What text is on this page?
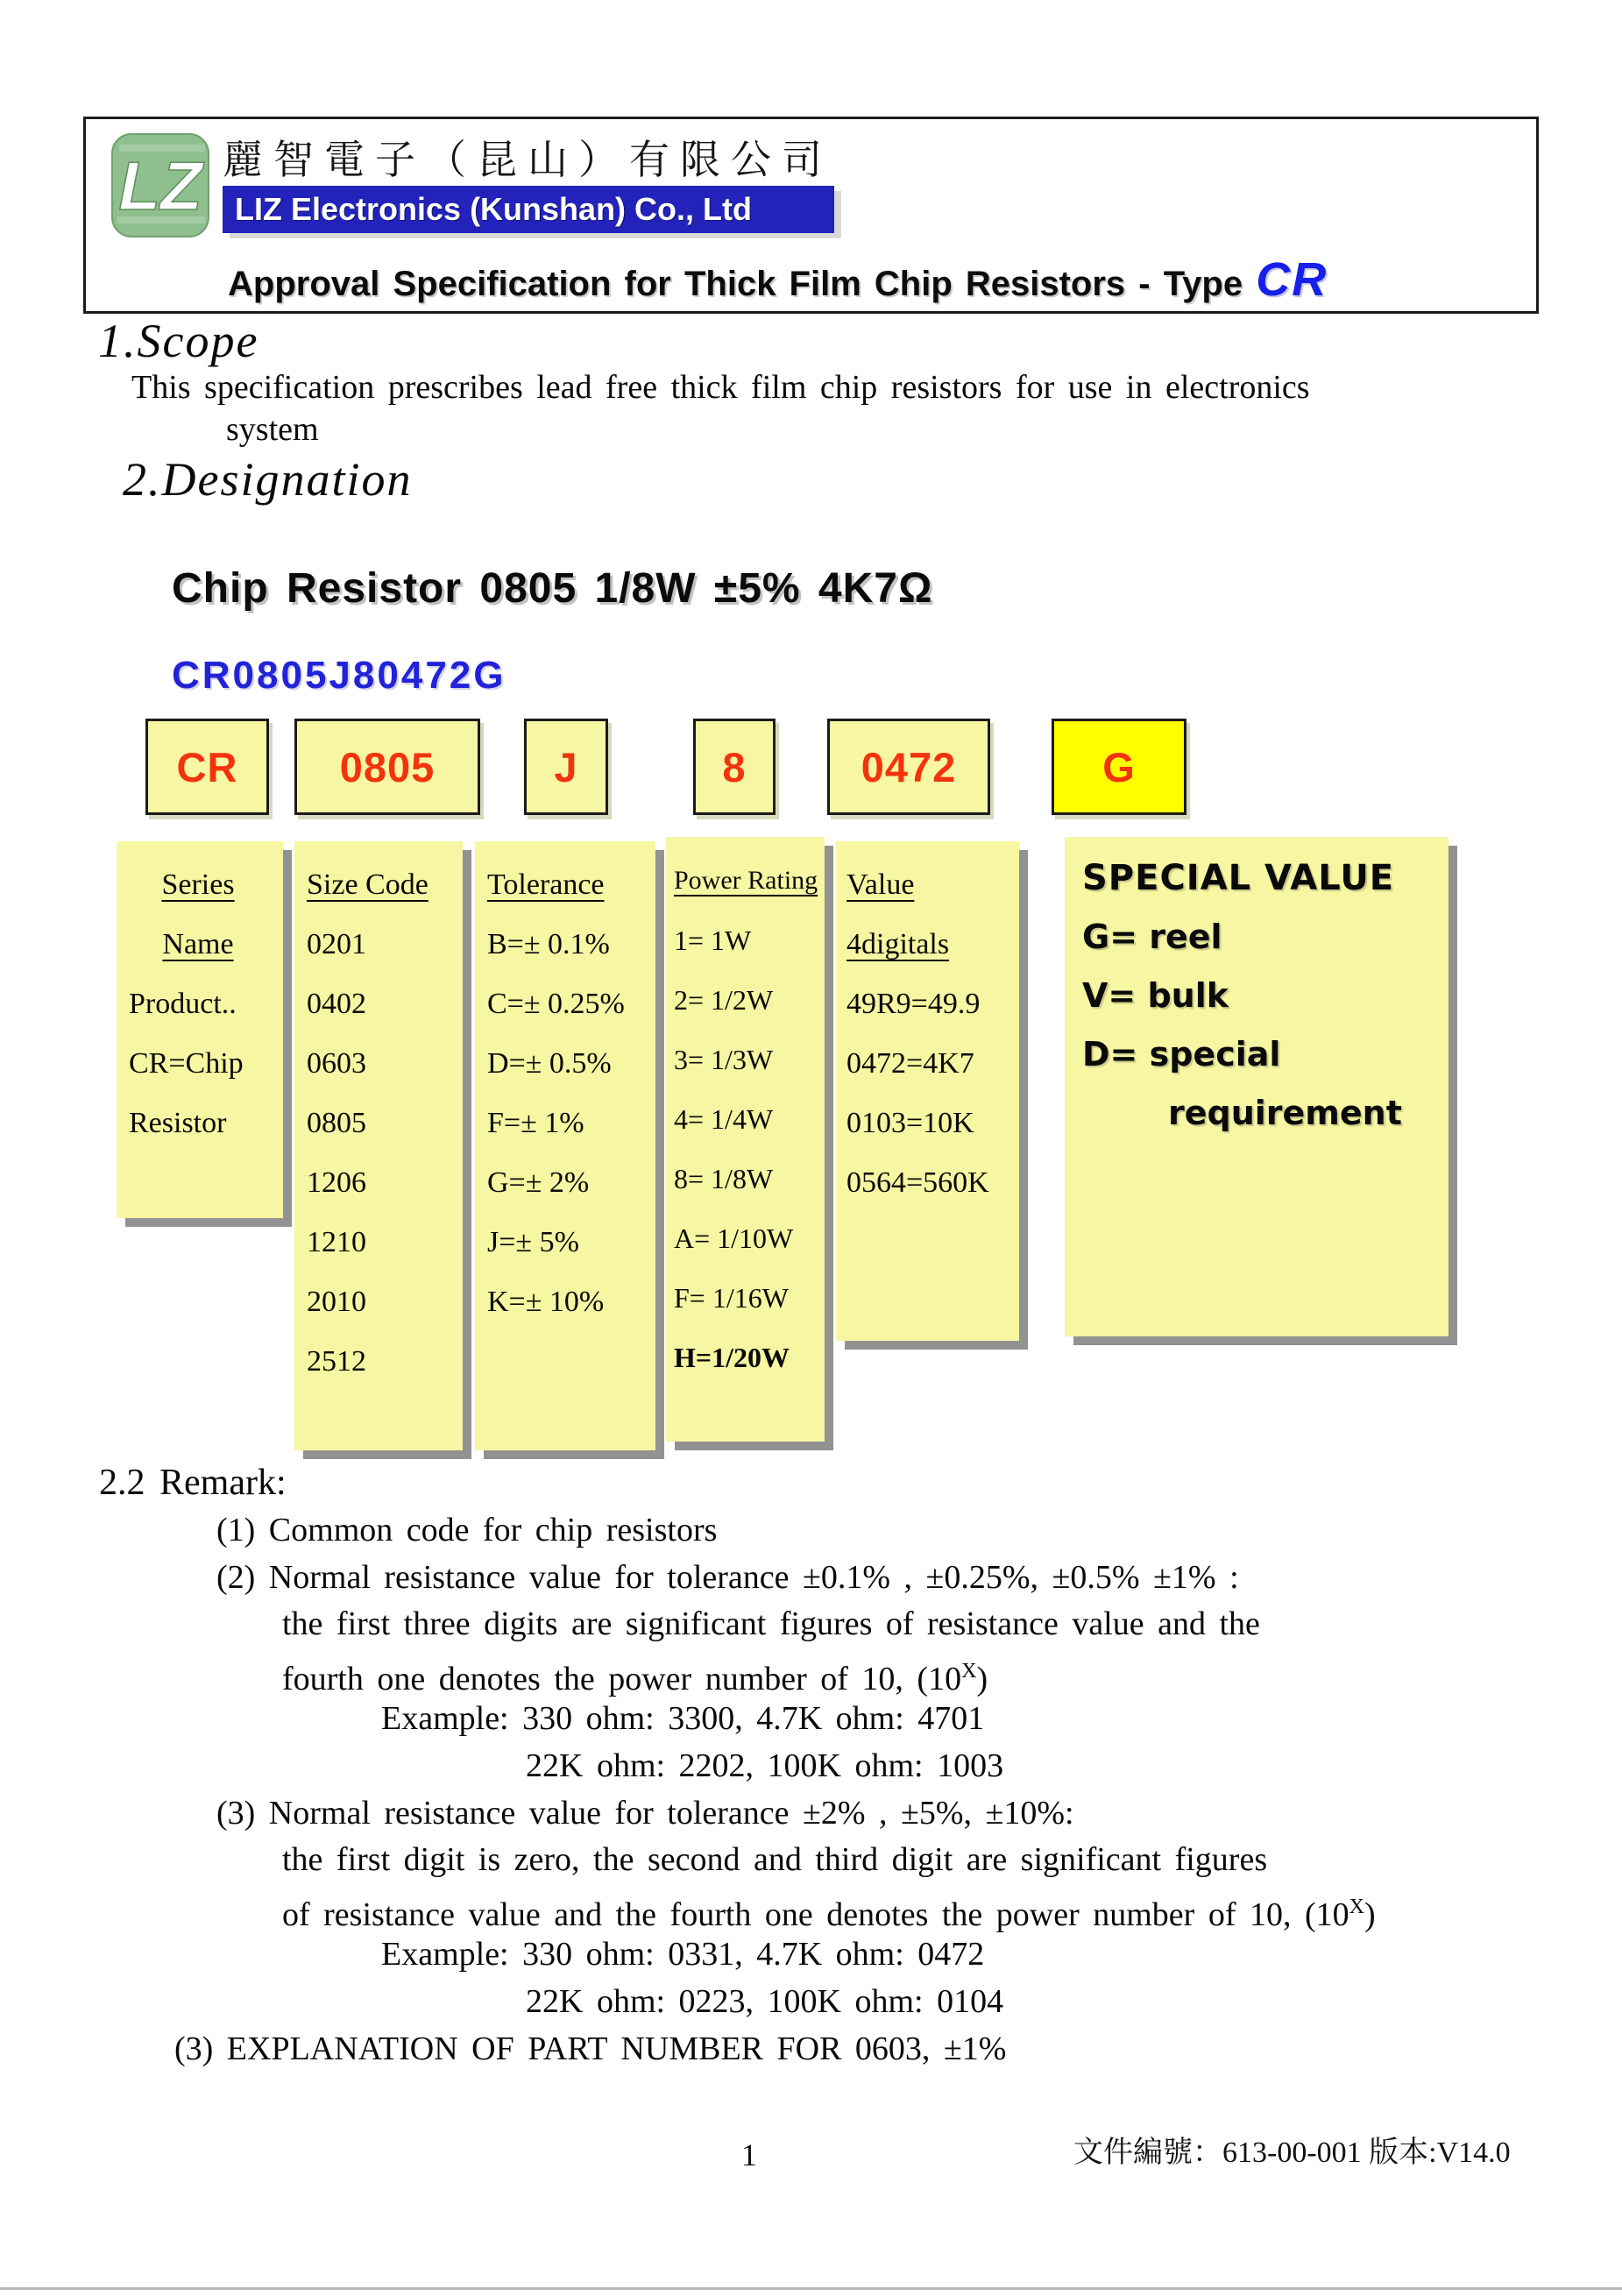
LZ 麗智電子（昆山）有限公司
LIZ Electronics (Kunshan) Co., Ltd
Approval Specification for Thick Film Chip Resistors - Type CR
1.Scope
This specification prescribes lead free thick film chip resistors for use in electronics
system
2.Designation
Chip Resistor 0805 1/8W ±5% 4K7Ω
CR0805J80472G
CR	0805	J	8	0472	G
Series
Name
Product..
CR=Chip
Resistor
Size Code
0201
0402
0603
0805
1206
1210
2010
2512
Tolerance
B=± 0.1%
C=± 0.25%
D=± 0.5%
F=± 1%
G=± 2%
J=± 5%
K=± 10%
Power Rating
1= 1W
2= 1/2W
3= 1/3W
4= 1/4W
8= 1/8W
A= 1/10W
F= 1/16W
H=1/20W
Value
4digitals
49R9=49.9
0472=4K7
0103=10K
0564=560K
SPECIAL VALUE
G= reel
V= bulk
D= special
requirement
2.2 Remark:
(1) Common code for chip resistors
(2) Normal resistance value for tolerance ±0.1% , ±0.25%, ±0.5% ±1% :
the first three digits are significant figures of resistance value and the
fourth one denotes the power number of 10, $(10^X)$
Example: 330 ohm: 3300, 4.7K ohm: 4701
22K ohm: 2202, 100K ohm: 1003
(3) Normal resistance value for tolerance ±2% , ±5%, ±10%:
the first digit is zero, the second and third digit are significant figures
of resistance value and the fourth one denotes the power number of 10, $(10^X)$
Example: 330 ohm: 0331, 4.7K ohm: 0472
22K ohm: 0223, 100K ohm: 0104
(3) EXPLANATION OF PART NUMBER FOR 0603, ±1%
1	文件編號：613-00-001 版本:V14.0
